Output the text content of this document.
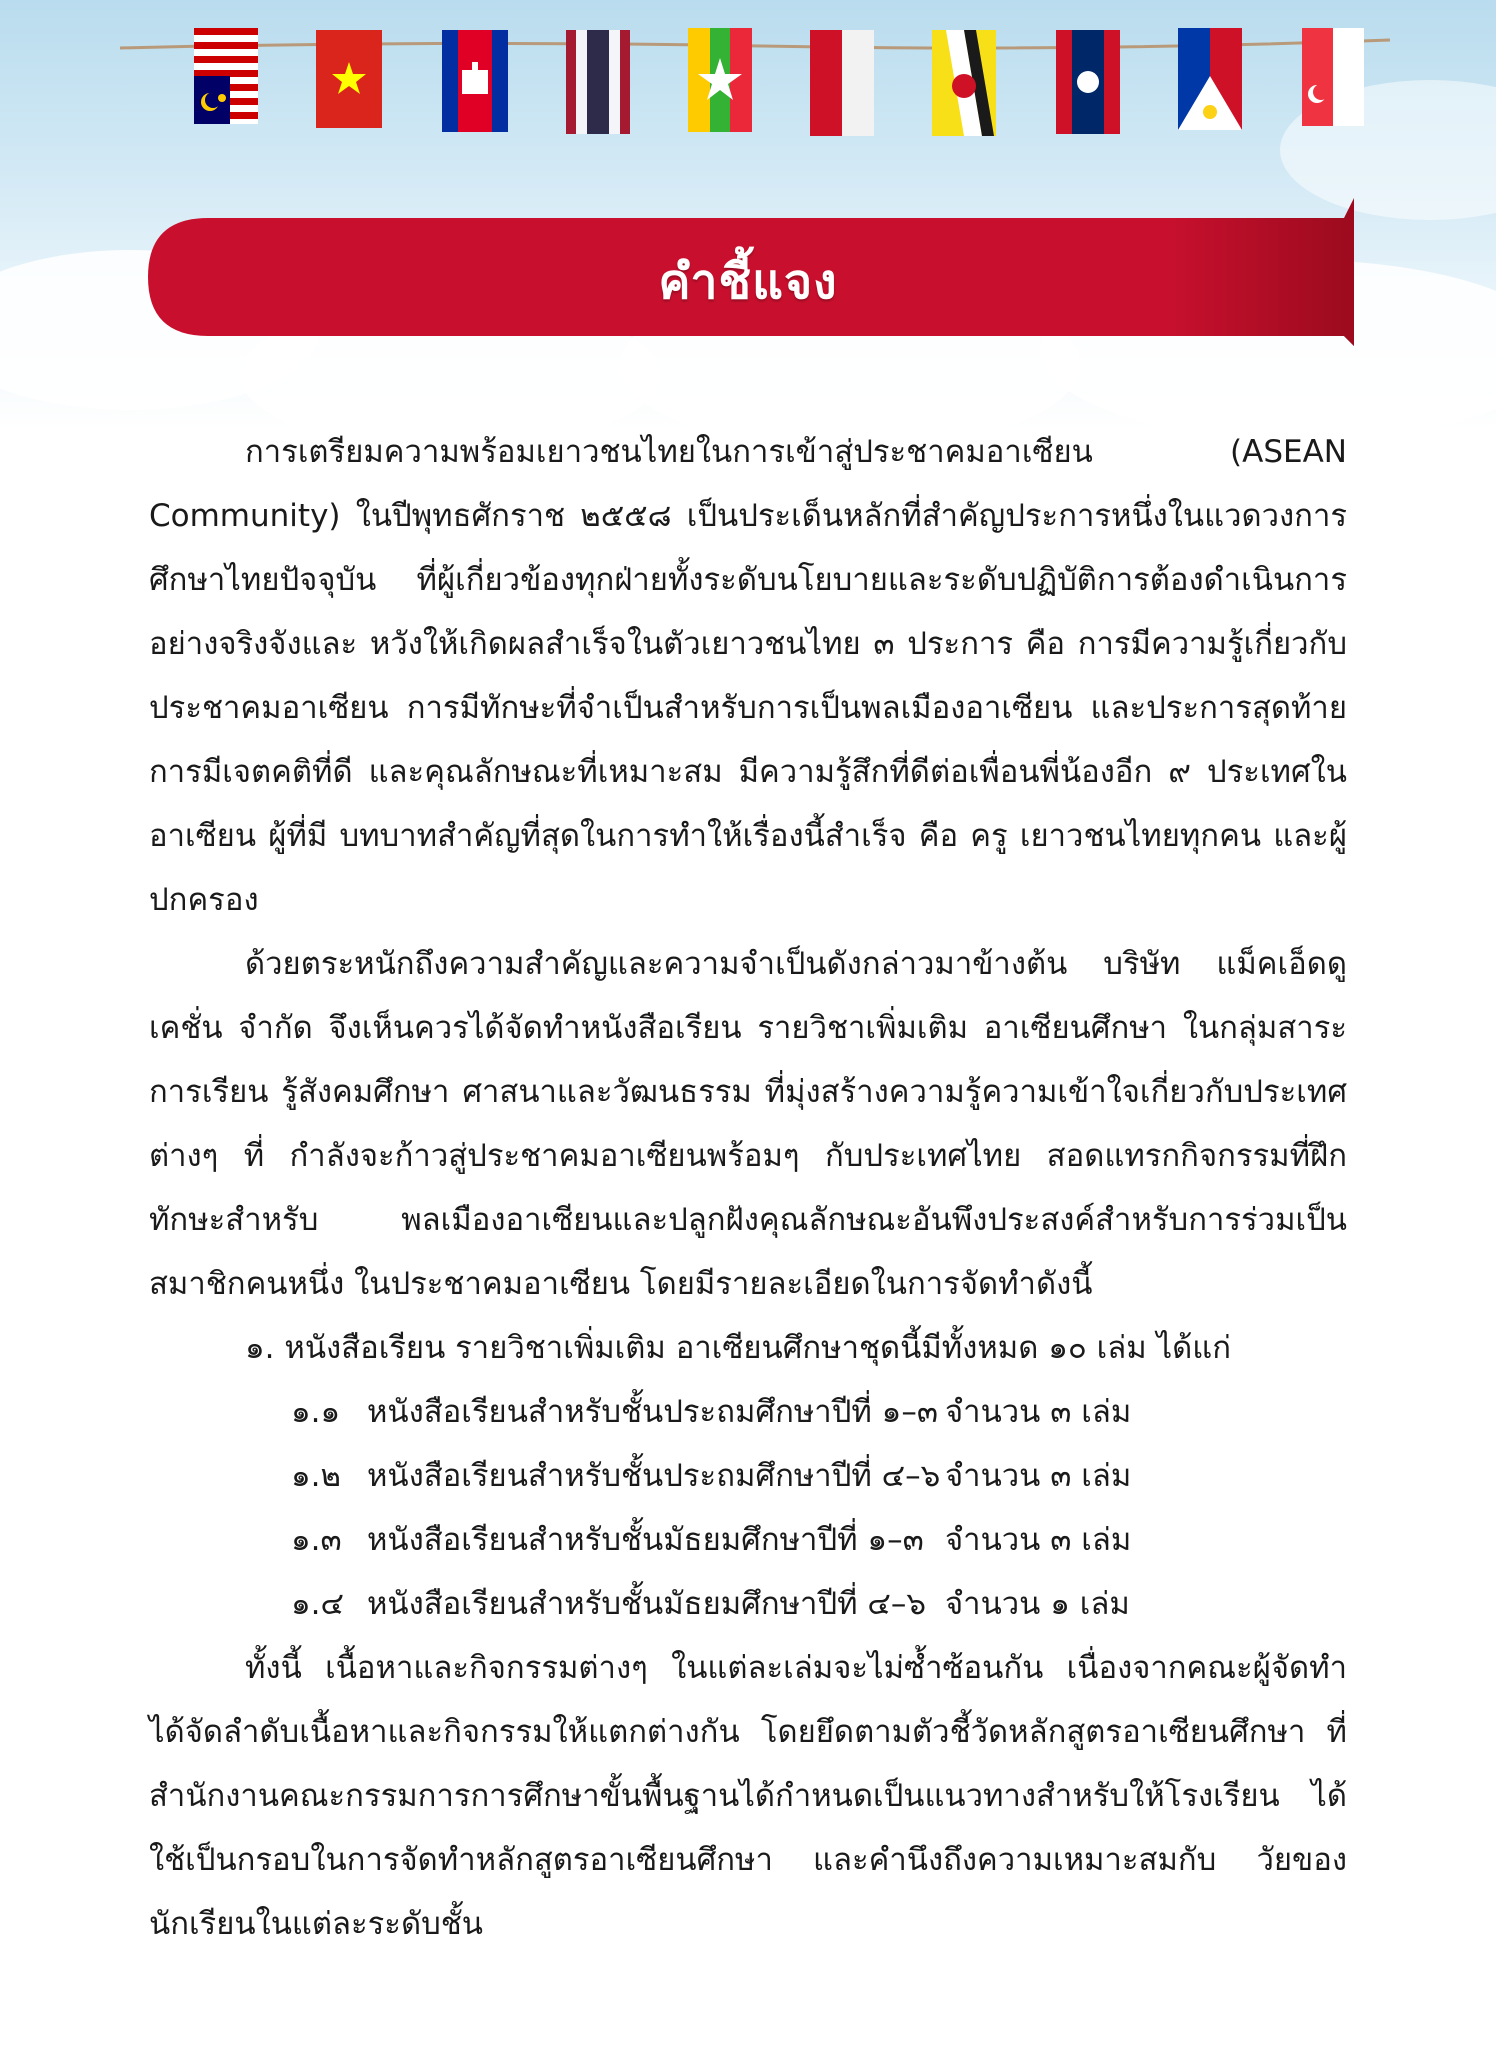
คำชี้แจง

การเตรียมความพร้อมเยาวชนไทยในการเข้าสู่ประชาคมอาเซียน (ASEAN Community) ในปีพุทธศักราช ๒๕๕๘ เป็นประเด็นหลักที่สำคัญประการหนึ่งในแวดวงการศึกษาไทยปัจจุบัน ที่ผู้เกี่ยวข้องทุกฝ่ายทั้งระดับนโยบายและระดับปฏิบัติการต้องดำเนินการอย่างจริงจังและ หวังให้เกิดผลสำเร็จในตัวเยาวชนไทย ๓ ประการ คือ การมีความรู้เกี่ยวกับประชาคมอาเซียน การมีทักษะที่จำเป็นสำหรับการเป็นพลเมืองอาเซียน และประการสุดท้าย การมีเจตคติที่ดี และคุณลักษณะที่เหมาะสม มีความรู้สึกที่ดีต่อเพื่อนพี่น้องอีก ๙ ประเทศในอาเซียน ผู้ที่มี บทบาทสำคัญที่สุดในการทำให้เรื่องนี้สำเร็จ คือ ครู เยาวชนไทยทุกคน และผู้ปกครอง

ด้วยตระหนักถึงความสำคัญและความจำเป็นดังกล่าวมาข้างต้น บริษัท แม็คเอ็ดดูเคชั่น จำกัด จึงเห็นควรได้จัดทำหนังสือเรียน รายวิชาเพิ่มเติม อาเซียนศึกษา ในกลุ่มสาระการเรียน รู้สังคมศึกษา ศาสนาและวัฒนธรรม ที่มุ่งสร้างความรู้ความเข้าใจเกี่ยวกับประเทศต่างๆ ที่ กำลังจะก้าวสู่ประชาคมอาเซียนพร้อมๆ กับประเทศไทย สอดแทรกกิจกรรมที่ฝึกทักษะสำหรับ พลเมืองอาเซียนและปลูกฝังคุณลักษณะอันพึงประสงค์สำหรับการร่วมเป็นสมาชิกคนหนึ่ง ในประชาคมอาเซียน โดยมีรายละเอียดในการจัดทำดังนี้

๑. หนังสือเรียน รายวิชาเพิ่มเติม อาเซียนศึกษาชุดนี้มีทั้งหมด ๑๐ เล่ม ได้แก่

๑.๑ หนังสือเรียนสำหรับชั้นประถมศึกษาปีที่ ๑–๓ จำนวน ๓ เล่ม
๑.๒ หนังสือเรียนสำหรับชั้นประถมศึกษาปีที่ ๔–๖ จำนวน ๓ เล่ม
๑.๓ หนังสือเรียนสำหรับชั้นมัธยมศึกษาปีที่ ๑–๓ จำนวน ๓ เล่ม
๑.๔ หนังสือเรียนสำหรับชั้นมัธยมศึกษาปีที่ ๔–๖ จำนวน ๑ เล่ม

ทั้งนี้ เนื้อหาและกิจกรรมต่างๆ ในแต่ละเล่มจะไม่ซ้ำซ้อนกัน เนื่องจากคณะผู้จัดทำ ได้จัดลำดับเนื้อหาและกิจกรรมให้แตกต่างกัน โดยยึดตามตัวชี้วัดหลักสูตรอาเซียนศึกษา ที่สำนักงานคณะกรรมการการศึกษาขั้นพื้นฐานได้กำหนดเป็นแนวทางสำหรับให้โรงเรียน ได้ใช้เป็นกรอบในการจัดทำหลักสูตรอาเซียนศึกษา และคำนึงถึงความเหมาะสมกับ วัยของนักเรียนในแต่ละระดับชั้น
